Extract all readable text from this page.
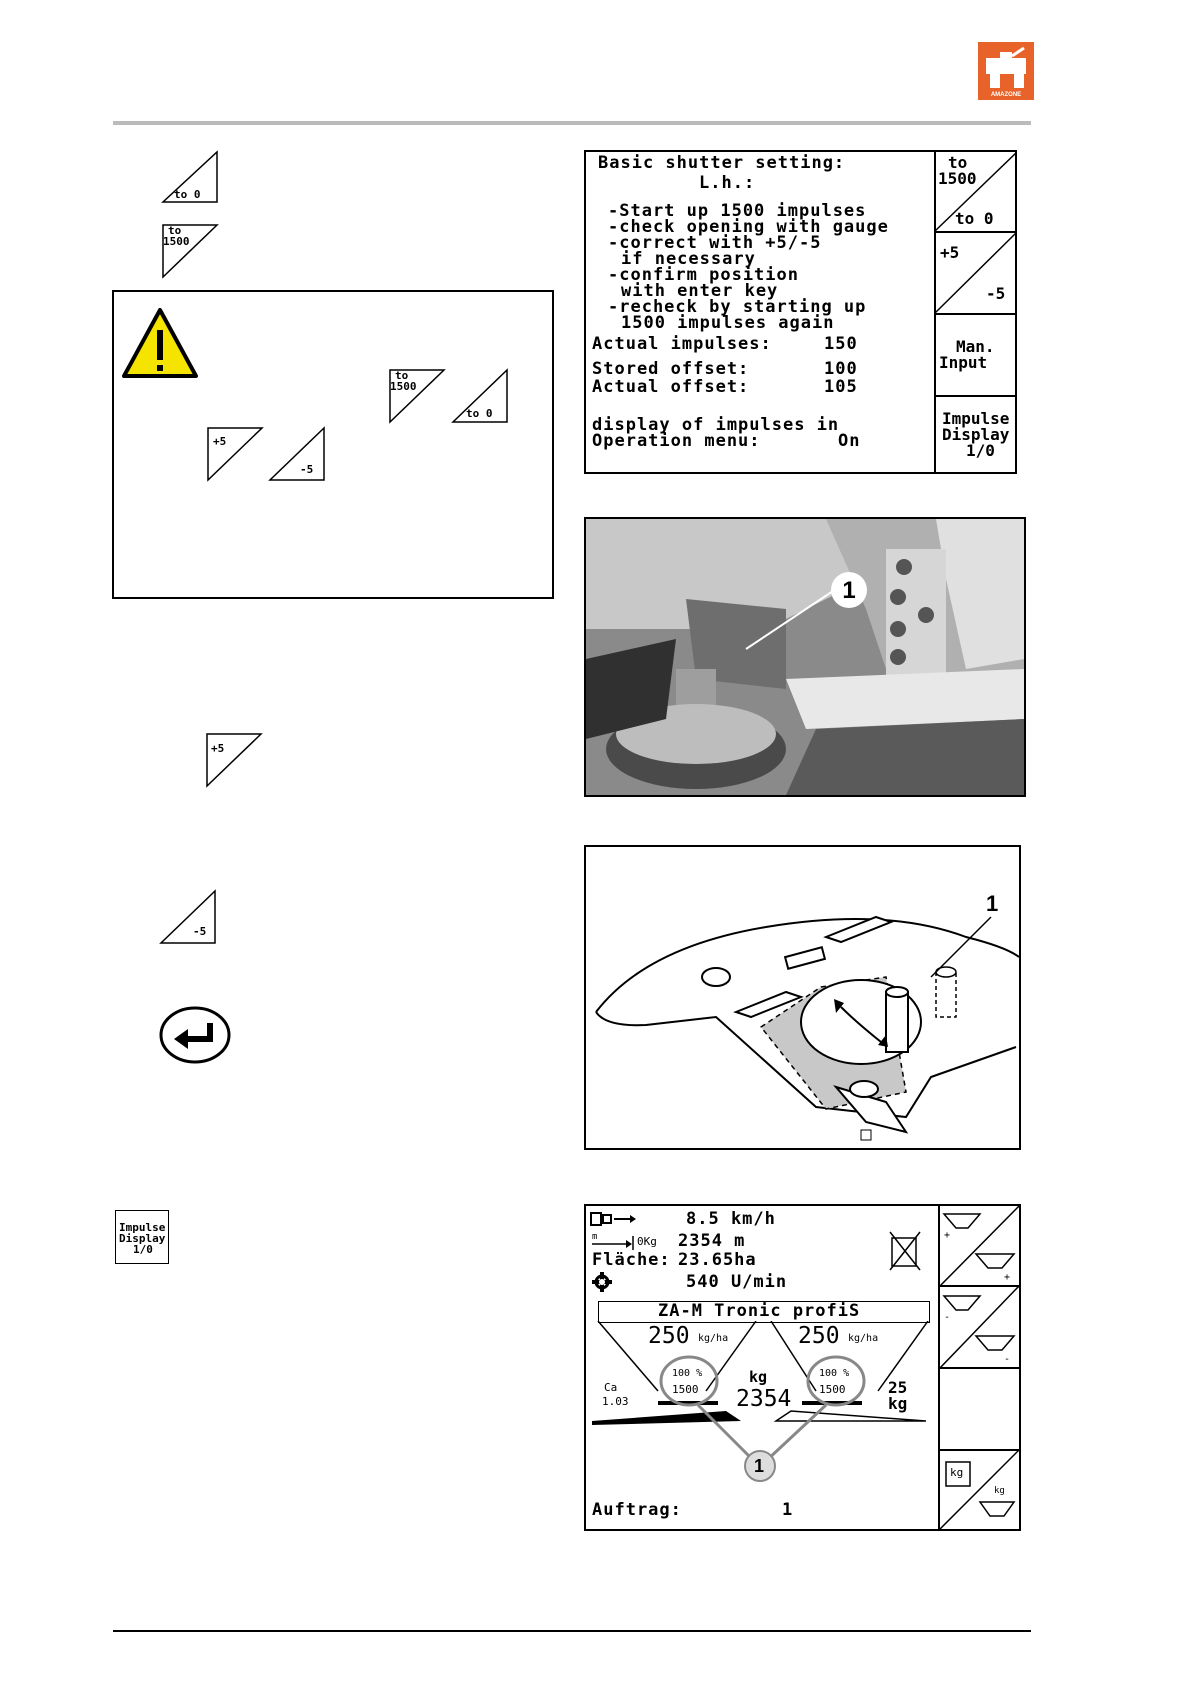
AMAZONE
to 0
to
1500
to
1500
to 0
+5
-5
+5
-5
Impulse
Display
1/0
Basic shutter setting:
L.h.:
-Start up 1500 impulses
-check opening with gauge
-correct with +5/-5
if necessary
-confirm position
with enter key
-recheck by starting up
1500 impulses again
Actual impulses:	150
Stored offset:	100
Actual offset:	105
display of impulses in
Operation menu:	On
to
1500
to 0
+5
-5
Man.
Input
Impulse
Display
1/0
1
1
8.5 km/h
m	0Kg 2354 m
Fläche: 23.65ha
540 U/min
ZA-M Tronic profiS
250 kg/ha	250 kg/ha
100 %
1500
100 %
1500
kg
2354
Ca
1.03
25
kg
1
Auftrag:	1
+
+
-
-
kg
kg
